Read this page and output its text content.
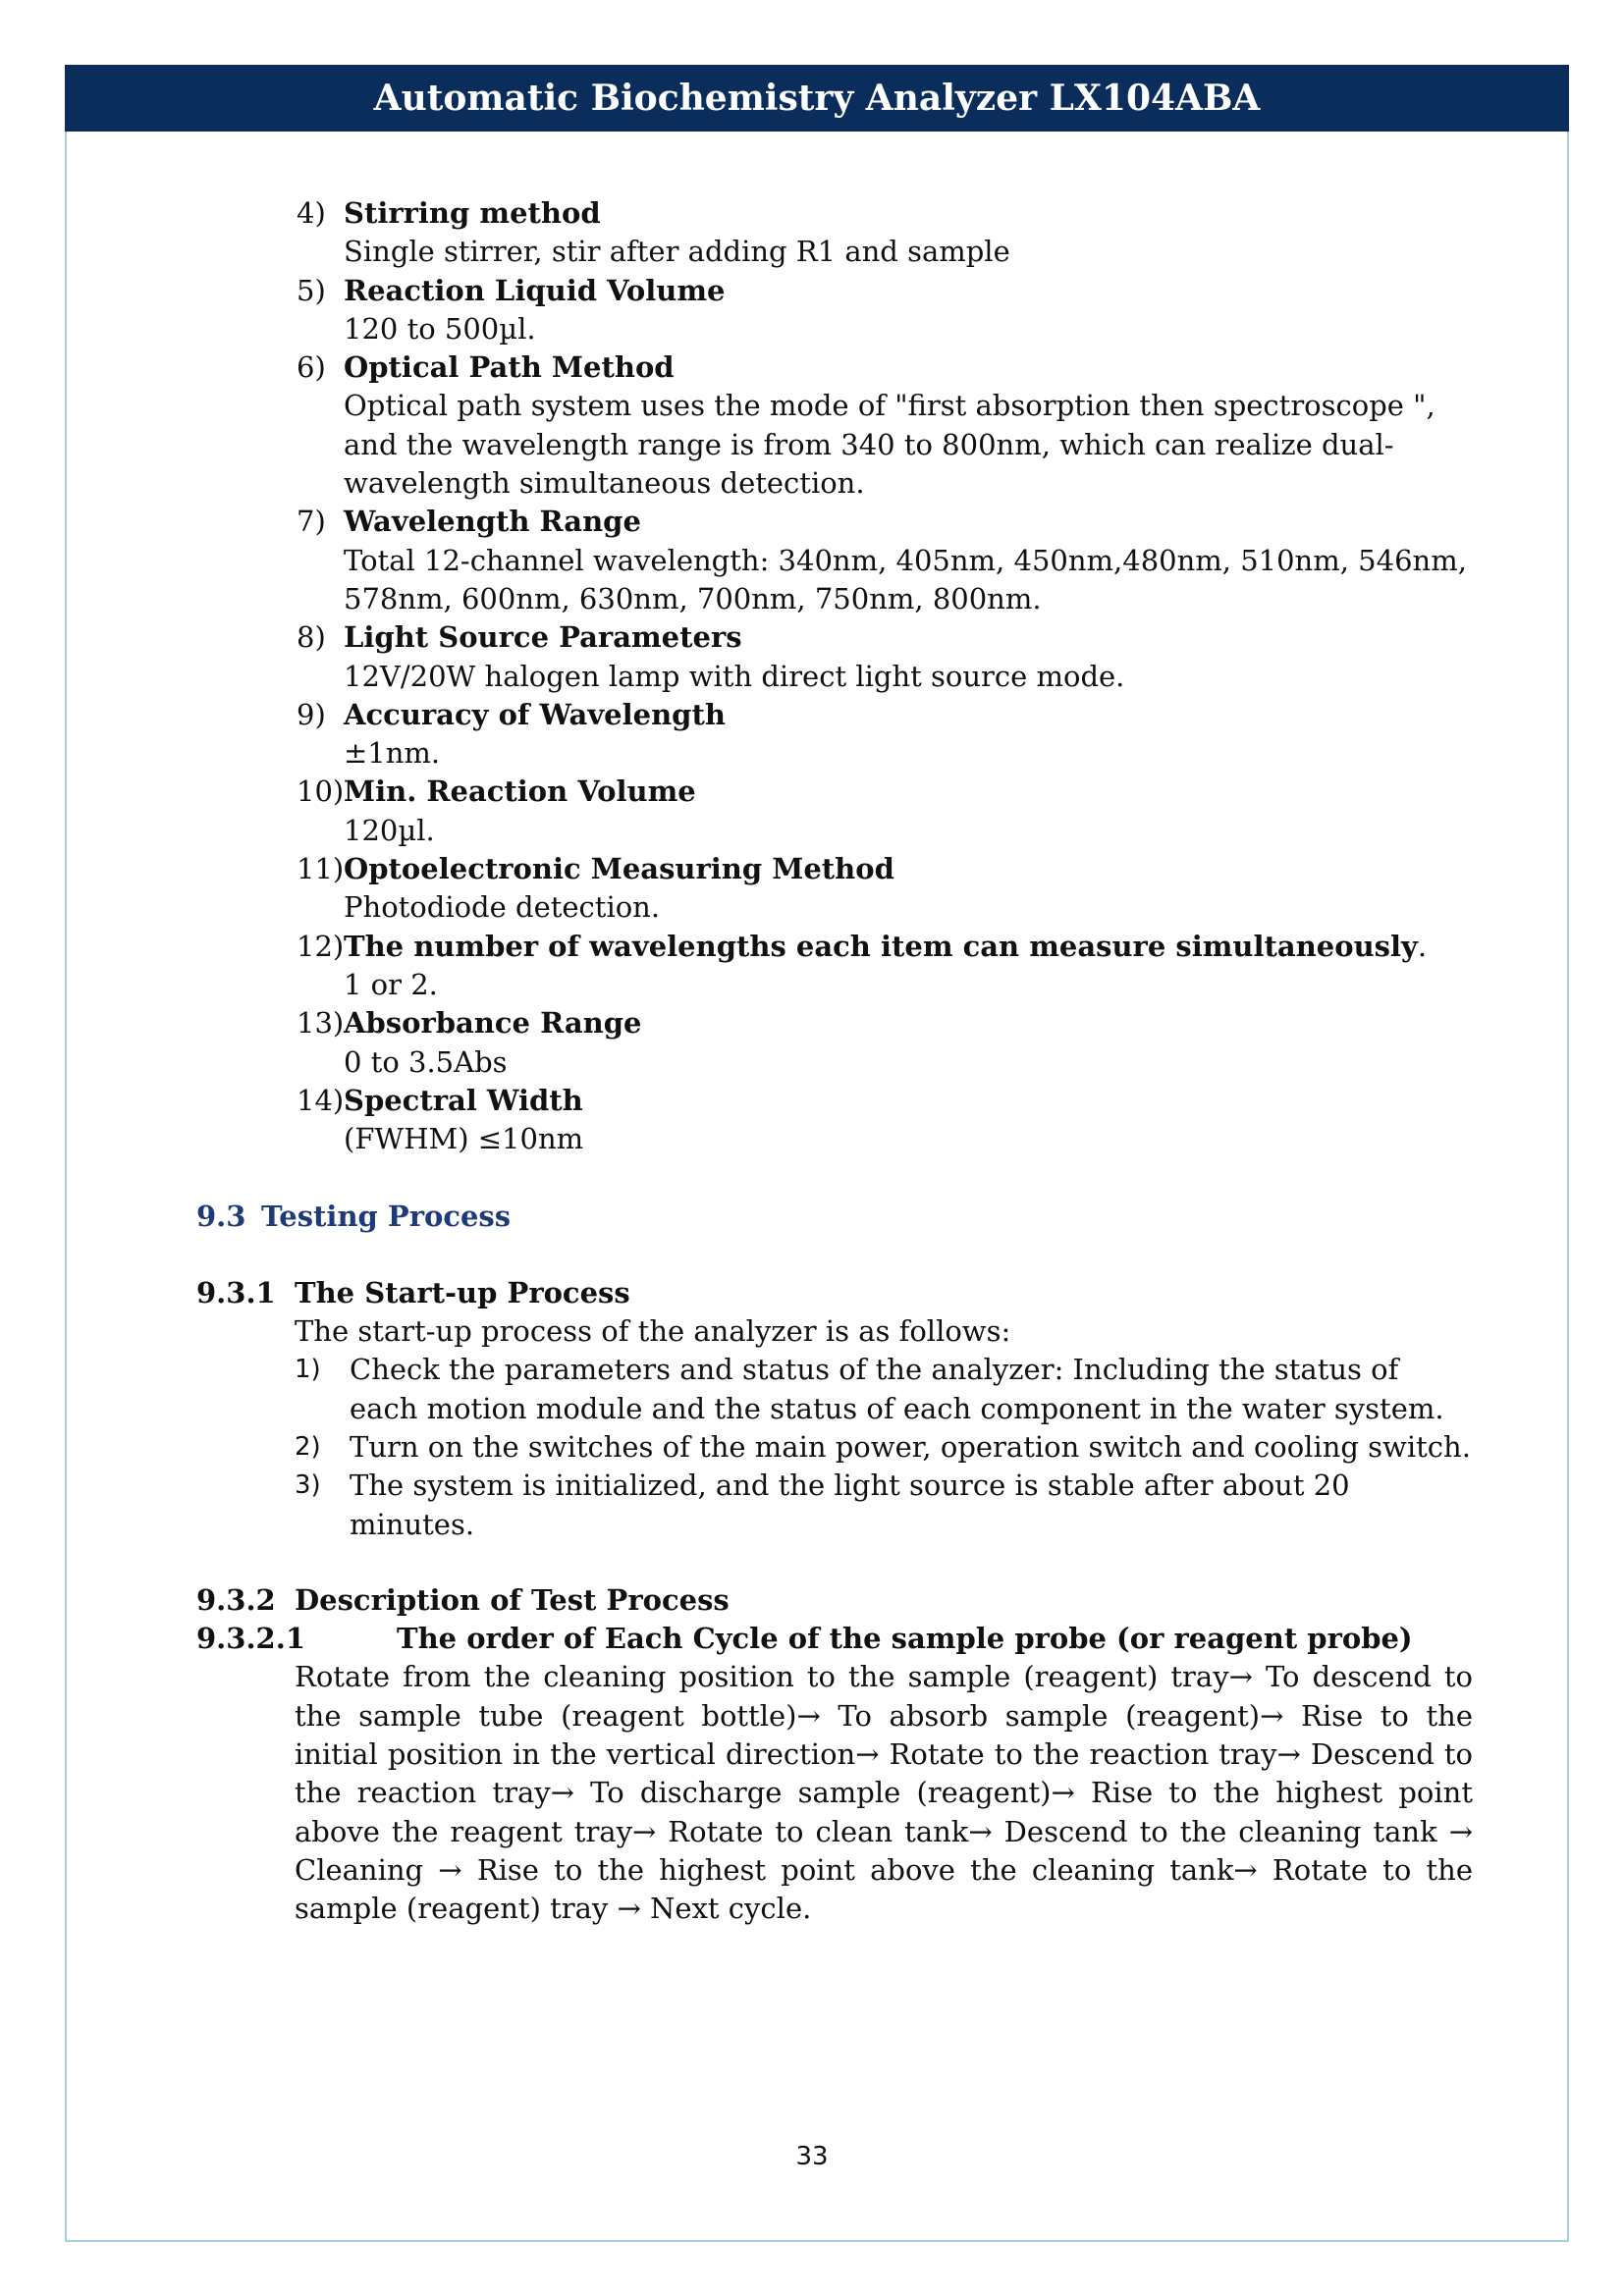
Automatic Biochemistry Analyzer LX104ABA
4) Stirring method
Single stirrer, stir after adding R1 and sample
5) Reaction Liquid Volume
120 to 500µl.
6) Optical Path Method
Optical path system uses the mode of "first absorption then spectroscope ", and the wavelength range is from 340 to 800nm, which can realize dual-wavelength simultaneous detection.
7) Wavelength Range
Total 12-channel wavelength: 340nm, 405nm, 450nm,480nm, 510nm, 546nm, 578nm, 600nm, 630nm, 700nm, 750nm, 800nm.
8) Light Source Parameters
12V/20W halogen lamp with direct light source mode.
9) Accuracy of Wavelength
±1nm.
10) Min. Reaction Volume
120µl.
11) Optoelectronic Measuring Method
Photodiode detection.
12) The number of wavelengths each item can measure simultaneously.
1 or 2.
13) Absorbance Range
0 to 3.5Abs
14) Spectral Width
(FWHM) ≤10nm
9.3 Testing Process
9.3.1 The Start-up Process
The start-up process of the analyzer is as follows:
1) Check the parameters and status of the analyzer: Including the status of each motion module and the status of each component in the water system.
2) Turn on the switches of the main power, operation switch and cooling switch.
3) The system is initialized, and the light source is stable after about 20 minutes.
9.3.2 Description of Test Process
9.3.2.1	The order of Each Cycle of the sample probe (or reagent probe)
Rotate from the cleaning position to the sample (reagent) tray→ To descend to the sample tube (reagent bottle)→ To absorb sample (reagent)→ Rise to the initial position in the vertical direction→ Rotate to the reaction tray→ Descend to the reaction tray→ To discharge sample (reagent)→ Rise to the highest point above the reagent tray→ Rotate to clean tank→ Descend to the cleaning tank → Cleaning → Rise to the highest point above the cleaning tank→ Rotate to the sample (reagent) tray → Next cycle.
33
